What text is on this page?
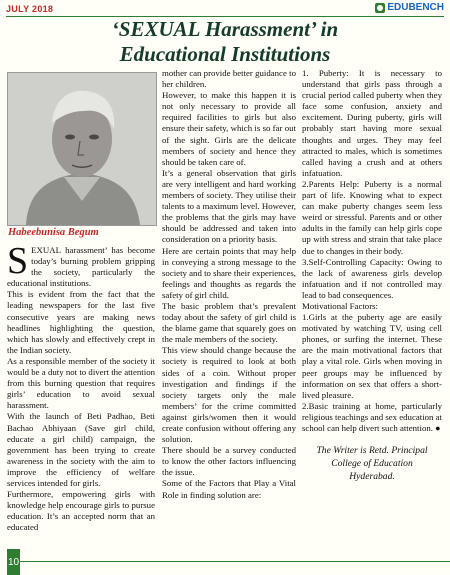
JULY 2018	EDUBENCH
‘SEXUAL Harassment’ in
Educational Institutions
Habeebunisa Begum

SEXUAL harassment’ has become today’s burning problem gripping the society, particularly the educational institutions.

This is evident from the fact that the leading newspapers for the last five consecutive years are making news headlines highlighting the question, which has slowly and effectively crept in the Indian society.

As a responsible member of the society it would be a duty not to divert the attention from this burning question that requires girls’ education to avoid sexual harassment.

With the launch of Beti Padhao, Beti Bachao Abhiyaan (Save girl child, educate a girl child) campaign, the government has been trying to create awareness in the society with the aim to improve the efficiency of welfare services intended for girls.

Furthermore, empowering girls with knowledge help encourage girls to pursue education. It’s an accepted norm that an educated

mother can provide better guidance to her children.

However, to make this happen it is not only necessary to provide all required facilities to girls but also ensure their safety, which is so far out of the sight. Girls are the delicate members of society and hence they should be taken care of.

It’s a general observation that girls are very intelligent and hard working members of society. They utilise their talents to a maximum level. However, the problems that the girls may have should be addressed and taken into consideration on a priority basis.

Here are certain points that may help in conveying a strong message to the society and to share their experiences, feelings and thoughts as regards the safety of girl child.

The basic problem that’s prevalent today about the safety of girl child is the blame game that squarely goes on the male members of the society.

This view should change because the society is required to look at both sides of a coin. Without proper investigation and findings if the society targets only the male members’ for the crime committed against girls/women then it would create confusion without offering any solution.

There should be a survey conducted to know the other factors influencing the issue.

Some of the Factors that Play a Vital Role in finding solution are:

1. Puberty: It is necessary to understand that girls pass through a crucial period called puberty when they face some confusion, anxiety and excitement. During puberty, girls will probably start having more sexual thoughts and urges. They may feel attracted to males, which is sometimes called having a crush and at others infatuation.

2.Parents Help: Puberty is a normal part of life. Knowing what to expect can make puberty changes seem less weird or stressful. Parents and or other adults in the family can help girls cope up with stress and strain that take place due to changes in their body.

3.Self-Controlling Capacity: Owing to the lack of awareness girls develop infatuation and if not controlled may lead to bad consequences.

Motivational Factors:

1.Girls at the puberty age are easily motivated by watching TV, using cell phones, or surfing the internet. These are the main motivational factors that play a vital role. Girls when moving in peer groups may be influenced by information on sex that offers a short-lived pleasure.

2.Basic training at home, particularly religious teachings and sex education at school can help divert such attention. ●

The Writer is Retd. Principal
College of Education
Hyderabad.
10
